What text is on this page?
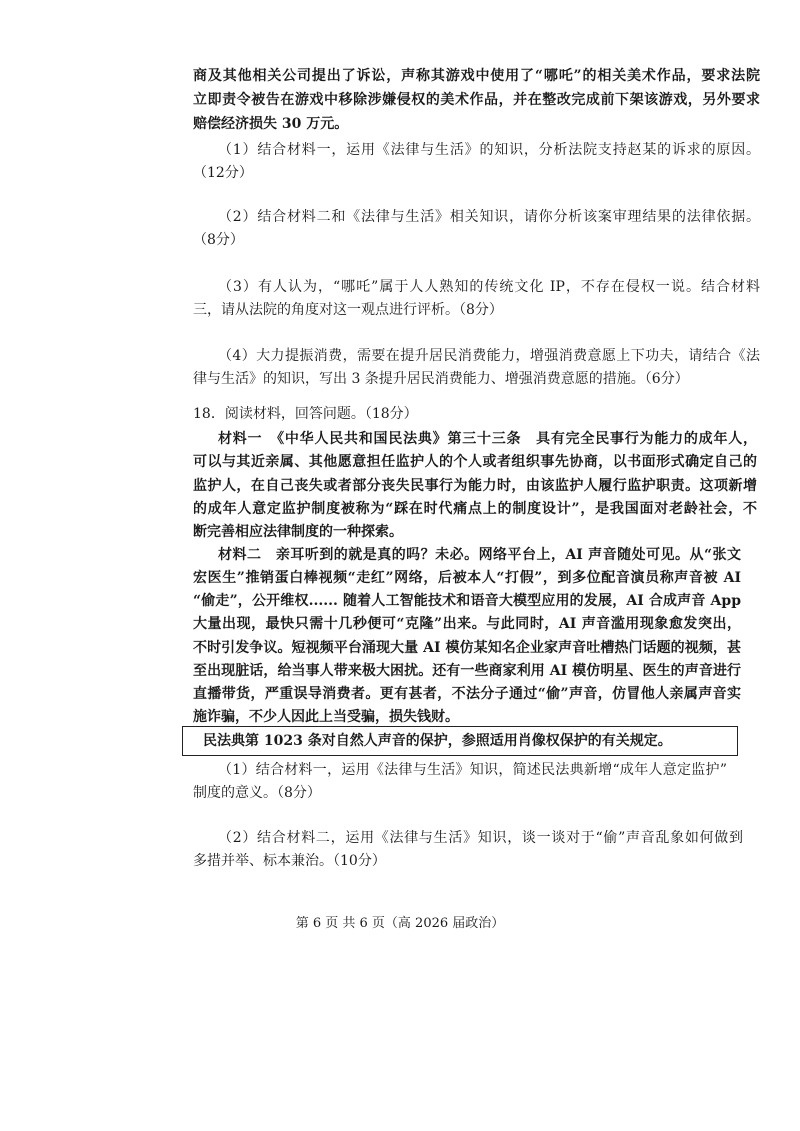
商及其他相关公司提出了诉讼，声称其游戏中使用了“哪吒”的相关美术作品，要求法院
立即责令被告在游戏中移除涉嫌侵权的美术作品，并在整改完成前下架该游戏，另外要求
赔偿经济损失 30 万元。
（1）结合材料一，运用《法律与生活》的知识，分析法院支持赵某的诉求的原因。
（12分）
（2）结合材料二和《法律与生活》相关知识，请你分析该案审理结果的法律依据。
（8分）
（3）有人认为，“哪吒”属于人人熟知的传统文化 IP，不存在侵权一说。结合材料
三，请从法院的角度对这一观点进行评析。（8分）
（4）大力提振消费，需要在提升居民消费能力，增强消费意愿上下功夫，请结合《法
律与生活》的知识，写出 3 条提升居民消费能力、增强消费意愿的措施。（6分）
18．阅读材料，回答问题。（18分）
材料一　《中华人民共和国民法典》第三十三条　具有完全民事行为能力的成年人，
可以与其近亲属、其他愿意担任监护人的个人或者组织事先协商，以书面形式确定自己的
监护人，在自己丧失或者部分丧失民事行为能力时，由该监护人履行监护职责。这项新增
的成年人意定监护制度被称为“踩在时代痛点上的制度设计”，是我国面对老龄社会，不
断完善相应法律制度的一种探索。
材料二　亲耳听到的就是真的吗？未必。网络平台上，AI 声音随处可见。从“张文
宏医生”推销蛋白棒视频“走红”网络，后被本人“打假”，到多位配音演员称声音被 AI
“偷走”，公开维权...... 随着人工智能技术和语音大模型应用的发展，AI 合成声音 App
大量出现，最快只需十几秒便可“克隆”出来。与此同时，AI 声音滥用现象愈发突出，
不时引发争议。短视频平台涌现大量 AI 模仿某知名企业家声音吐槽热门话题的视频，甚
至出现脏话，给当事人带来极大困扰。还有一些商家利用 AI 模仿明星、医生的声音进行
直播带货，严重误导消费者。更有甚者，不法分子通过“偷”声音，仿冒他人亲属声音实
施诈骗，不少人因此上当受骗，损失钱财。
民法典第 1023 条对自然人声音的保护，参照适用肖像权保护的有关规定。
（1）结合材料一，运用《法律与生活》知识，简述民法典新增“成年人意定监护”
制度的意义。（8分）
（2）结合材料二，运用《法律与生活》知识，谈一谈对于“偷”声音乱象如何做到
多措并举、标本兼治。（10分）
第 6 页 共 6 页（高 2026 届政治）
